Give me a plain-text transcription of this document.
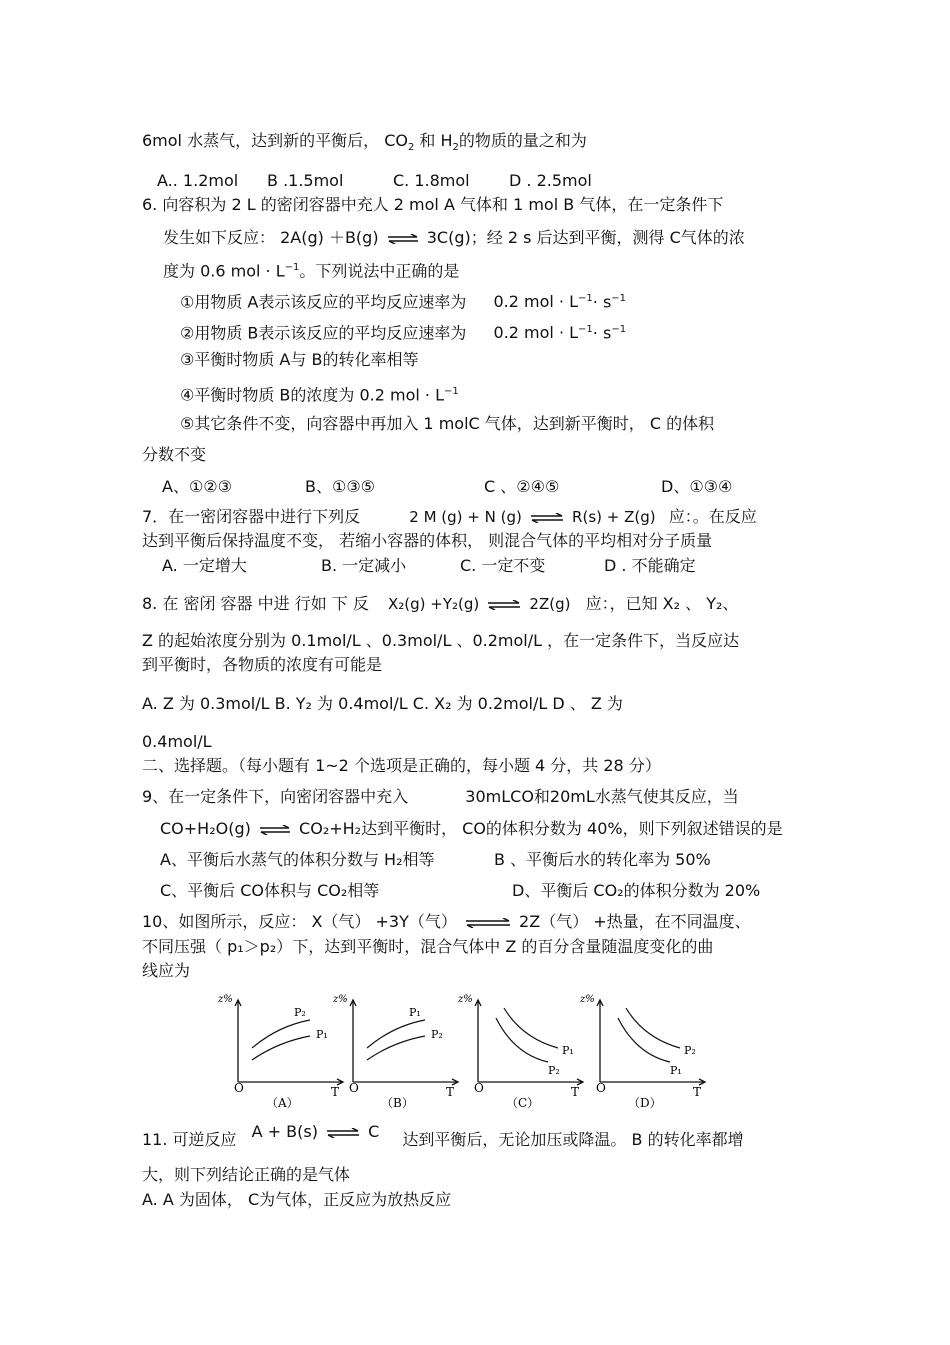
6mol 水蒸气，达到新的平衡后， $CO_2$ 和 $H_2$的物质的量之和为
A.. 1.2mol B .1.5mol	C. 1.8mol D . 2.5mol
6. 向容积为 2 L 的密闭容器中充人 2 mol A 气体和 1 mol B 气体，在一定条件下
发生如下反应： 2A(g) ＋B(g) ⇌ 3C(g)；经 2 s 后达到平衡，测得 C气体的浓
度为 0.6 mol · $L^{-1}$。下列说法中正确的是
①用物质 A表示该反应的平均反应速率为 0.2 mol · $L^{-1}\cdot s^{-1}$
②用物质 B表示该反应的平均反应速率为 0.2 mol · $L^{-1}\cdot s^{-1}$
③平衡时物质 A与 B的转化率相等
④平衡时物质 B的浓度为 0.2 mol · $L^{-1}$
⑤其它条件不变，向容器中再加入 1 molC 气体，达到新平衡时， C 的体积
分数不变
A、①②③	B、①③⑤	C 、②④⑤	D、①③④
7．在一密闭容器中进行下列反	2 M (g) + N (g) ⇌ R(s) + Z(g) 应：。在反应
达到平衡后保持温度不变， 若缩小容器的体积， 则混合气体的平均相对分子质量
A. 一定增大	B. 一定减小	C. 一定不变	D . 不能确定
8. 在 密闭 容器 中进 行如 下 反 X₂(g) +Y₂(g) ⇌ 2Z(g) 应：，已知 X₂ 、 Y₂、
Z 的起始浓度分别为 0.1mol/L 、0.3mol/L 、0.2mol/L ，在一定条件下，当反应达
到平衡时，各物质的浓度有可能是
A. Z 为 0.3mol/L B. Y₂ 为 0.4mol/L C. X₂ 为 0.2mol/L D 、 Z 为
0.4mol/L
二、选择题。（每小题有 1~2 个选项是正确的，每小题 4 分，共 28 分）
9、在一定条件下，向密闭容器中充入	30mLCO和20mL水蒸气使其反应，当
CO+H₂O(g) ⇌ CO₂+H₂达到平衡时， CO的体积分数为 40%，则下列叙述错误的是
A、平衡后水蒸气的体积分数与 H₂相等	B 、平衡后水的转化率为 50%
C、平衡后 CO体积与 CO₂相等	D、平衡后 CO₂的体积分数为 20%
10、如图所示，反应： X（气） +3Y（气） ⇌ 2Z（气） +热量，在不同温度、
不同压强（ p₁＞p₂）下，达到平衡时，混合气体中 Z 的百分含量随温度变化的曲
线应为
z%
O	T
（A）
P₂
P₁
z%
O	T
（B）
P₁
P₂
z%
O	T
（C）
P₁
P₂
z%
O	T
（D）
P₂
P₁
11. 可逆反应 A + B(s) ⇌ C 达到平衡后，无论加压或降温。 B 的转化率都增
大，则下列结论正确的是气体
A. A 为固体， C为气体，正反应为放热反应
